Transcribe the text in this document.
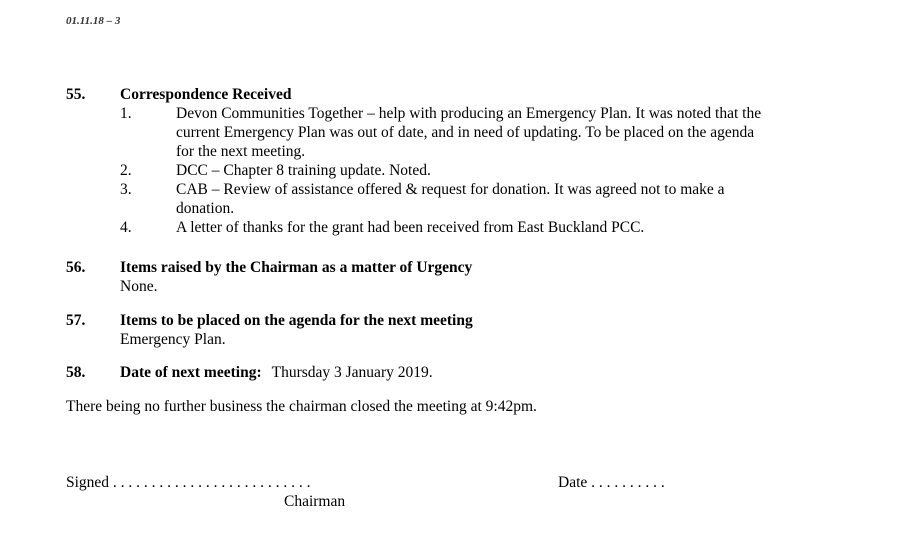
01.11.18 – 3
55. Correspondence Received
1.	Devon Communities Together – help with producing an Emergency Plan. It was noted that the
current Emergency Plan was out of date, and in need of updating. To be placed on the agenda
for the next meeting.
2.	DCC – Chapter 8 training update. Noted.
3.	CAB – Review of assistance offered & request for donation. It was agreed not to make a
donation.
4.	A letter of thanks for the grant had been received from East Buckland PCC.
56. Items raised by the Chairman as a matter of Urgency
None.
57. Items to be placed on the agenda for the next meeting
Emergency Plan.
58. Date of next meeting: Thursday 3 January 2019.
There being no further business the chairman closed the meeting at 9:42pm.
Signed . . . . . . . . . . . . . . . . . . . . . . . . . .	Date . . . . . . . . . .
Chairman
